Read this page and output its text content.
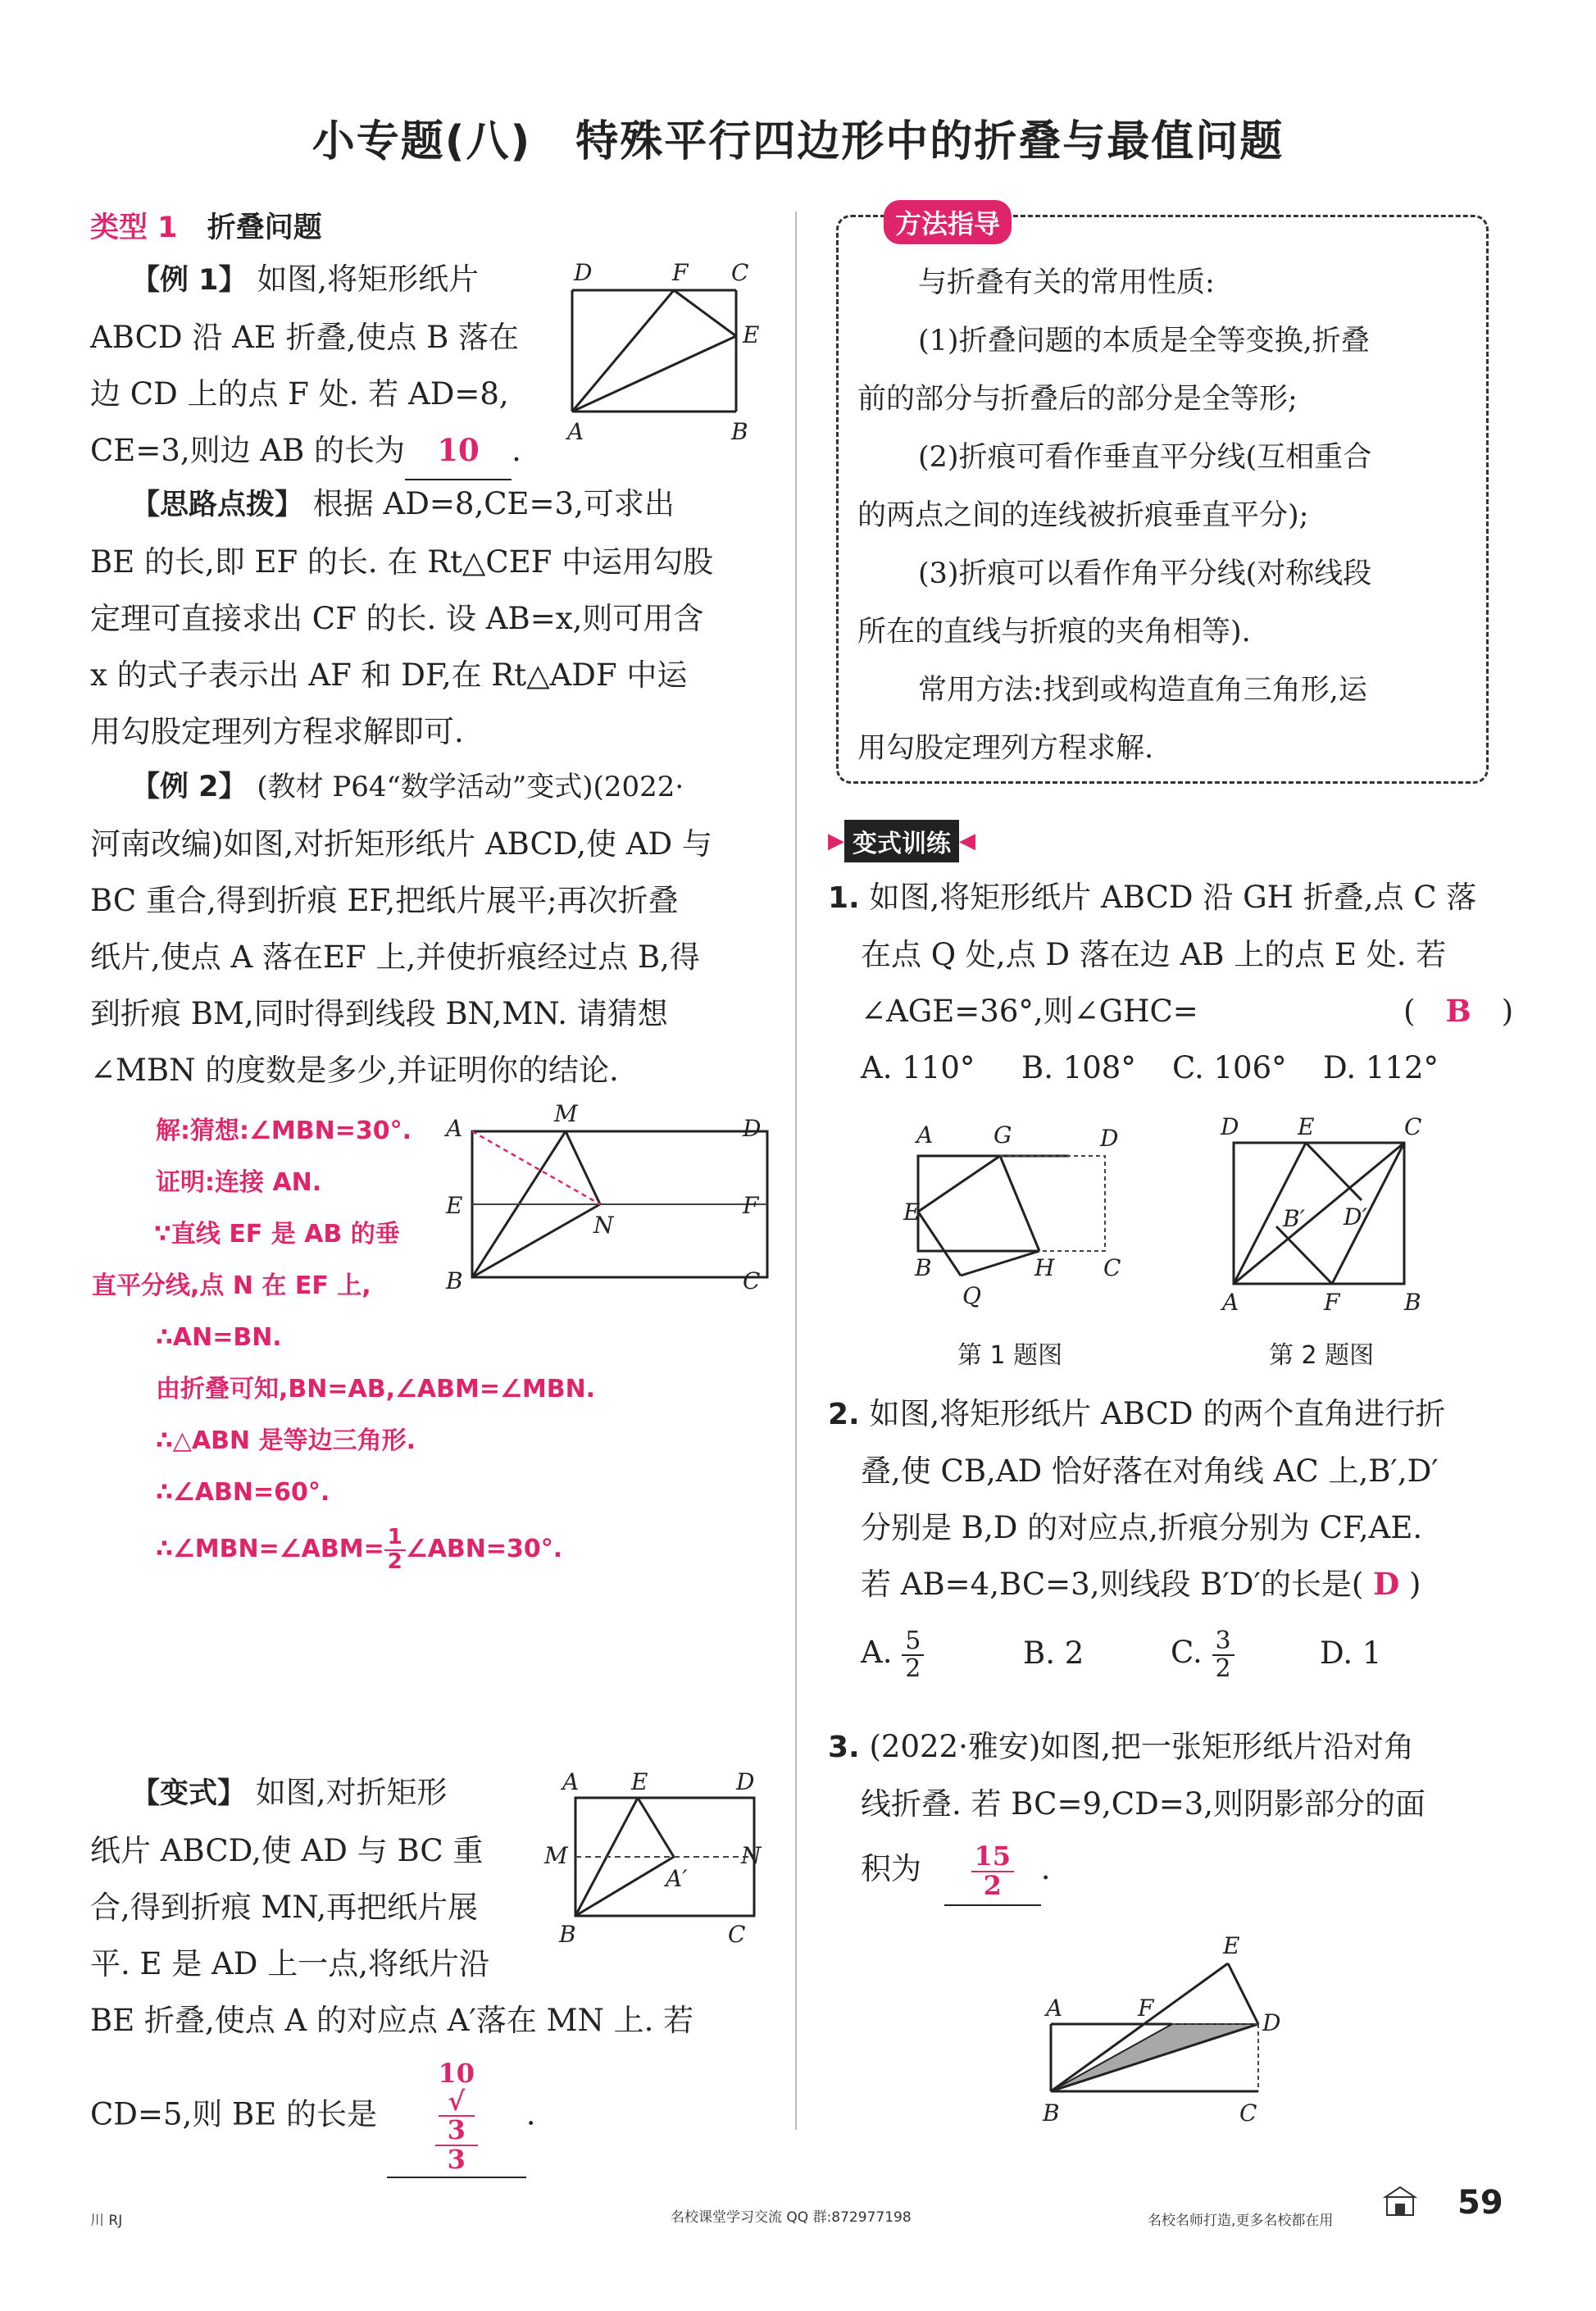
小专题(八)　特殊平行四边形中的折叠与最值问题
类型 1 折叠问题
【例 1】 如图,将矩形纸片
ABCD 沿 AE 折叠,使点 B 落在
边 CD 上的点 F 处. 若 AD=8,
CE=3,则边 AB 的长为 10 .
D	F C
E
A	B
【思路点拨】 根据 AD=8,CE=3,可求出
BE 的长,即 EF 的长. 在 Rt△CEF 中运用勾股
定理可直接求出 CF 的长. 设 AB=x,则可用含
x 的式子表示出 AF 和 DF,在 Rt△ADF 中运
用勾股定理列方程求解即可.
【例 2】 (教材 P64“数学活动”变式)(2022·
河南改编)如图,对折矩形纸片 ABCD,使 AD 与
BC 重合,得到折痕 EF,把纸片展平;再次折叠
纸片,使点 A 落在EF 上,并使折痕经过点 B,得
到折痕 BM,同时得到线段 BN,MN. 请猜想
∠MBN 的度数是多少,并证明你的结论.
解:猜想:∠MBN=30°.
证明:连接 AN.
∵直线 EF 是 AB 的垂
直平分线,点 N 在 EF 上,
∴AN=BN.
由折叠可知,BN=AB,∠ABM=∠MBN.
∴△ABN 是等边三角形.
∴∠ABN=60°.
∴∠MBN=∠ABM= $\frac{1}{2}$ ∠ABN=30°.
A
M
D
E
N
F
B	C
【变式】 如图,对折矩形
纸片 ABCD,使 AD 与 BC 重
合,得到折痕 MN,再把纸片展
平. E 是 AD 上一点,将纸片沿
BE 折叠,使点 A 的对应点 A′落在 MN 上. 若
CD=5,则 BE 的长是 10
√
3
3 .
A E	D
M	N
A′
B	C
方法指导
与折叠有关的常用性质:
(1)折叠问题的本质是全等变换,折叠
前的部分与折叠后的部分是全等形;
(2)折痕可看作垂直平分线(互相重合
的两点之间的连线被折痕垂直平分);
(3)折痕可以看作角平分线(对称线段
所在的直线与折痕的夹角相等).
常用方法:找到或构造直角三角形,运
用勾股定理列方程求解.
▶ 变式训练 ◀
1. 如图,将矩形纸片 ABCD 沿 GH 折叠,点 C 落
在点 Q 处,点 D 落在边 AB 上的点 E 处. 若
∠AGE=36°,则∠GHC=	(　 B　 )
A. 110°	B. 108°	C. 106°	D. 112°
A	G	D
E
B	H C
Q
第 1 题图
D	E	C
B′ D′
A	F	B
第 2 题图
2. 如图,将矩形纸片 ABCD 的两个直角进行折
叠,使 CB,AD 恰好落在对角线 AC 上,B′,D′
分别是 B,D 的对应点,折痕分别为 CF,AE.
若 AB=4,BC=3,则线段 B′D′的长是( D )
A. $\frac{5}{2}$	B. 2	C. $\frac{3}{2}$	D. 1
3. (2022·雅安)如图,把一张矩形纸片沿对角
线折叠. 若 BC=9,CD=3,则阴影部分的面
积为 $\frac{15}{2}$ .
E
A	F
D
B	C
川 RJ	名校课堂学习交流 QQ 群:872977198	名校名师打造,更多名校都在用	59
